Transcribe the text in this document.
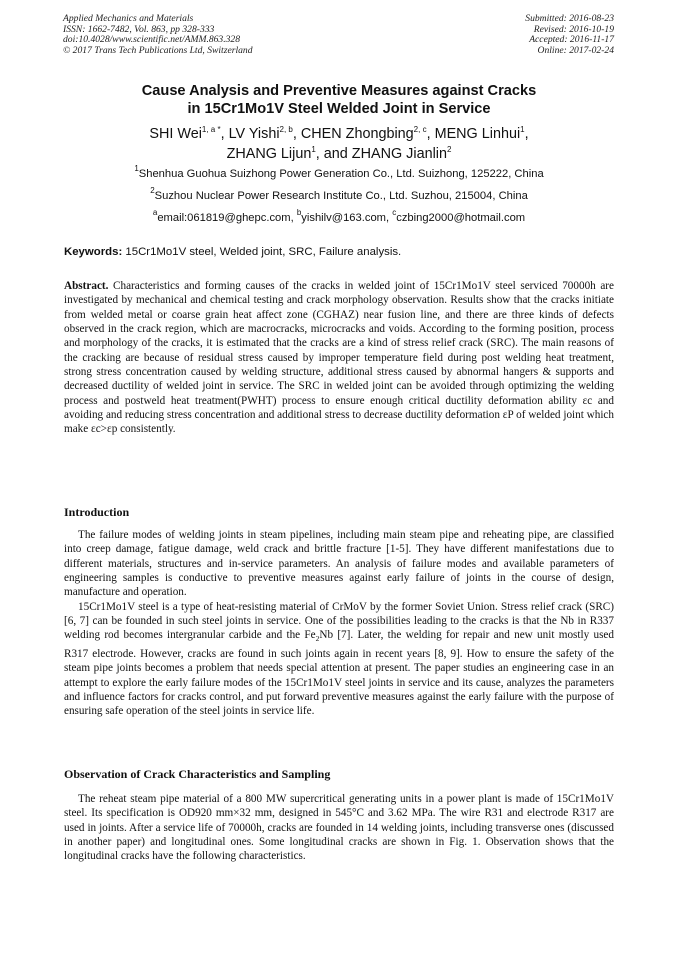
Applied Mechanics and Materials
ISSN: 1662-7482, Vol. 863, pp 328-333
doi:10.4028/www.scientific.net/AMM.863.328
© 2017 Trans Tech Publications Ltd, Switzerland
Submitted: 2016-08-23
Revised: 2016-10-19
Accepted: 2016-11-17
Online: 2017-02-24
Cause Analysis and Preventive Measures against Cracks
in 15Cr1Mo1V Steel Welded Joint in Service
SHI Wei$^{1, a *}$, LV Yishi$^{2, b}$, CHEN Zhongbing$^{2, c}$, MENG Linhui$^1$,
ZHANG Lijun$^1$, and ZHANG Jianlin$^2$
$^1$Shenhua Guohua Suizhong Power Generation Co., Ltd. Suizhong, 125222, China
$^2$Suzhou Nuclear Power Research Institute Co., Ltd. Suzhou, 215004, China
$^a$email:061819@ghepc.com, $^b$yishilv@163.com, $^c$czbing2000@hotmail.com
Keywords: 15Cr1Mo1V steel, Welded joint, SRC, Failure analysis.

Abstract. Characteristics and forming causes of the cracks in welded joint of 15Cr1Mo1V steel serviced 70000h are investigated by mechanical and chemical testing and crack morphology observation. Results show that the cracks initiate from welded metal or coarse grain heat affect zone (CGHAZ) near fusion line, and there are three kinds of defects observed in the crack region, which are macrocracks, microcracks and voids. According to the forming position, process and morphology of the cracks, it is estimated that the cracks are a kind of stress relief crack (SRC). The main reasons of the cracking are because of residual stress caused by improper temperature field during post welding heat treatment, strong stress concentration caused by welding structure, additional stress caused by abnormal hangers & supports and decreased ductility of welded joint in service. The SRC in welded joint can be avoided through optimizing the welding process and postweld heat treatment(PWHT) process to ensure enough critical ductility deformation ability εc and avoiding and reducing stress concentration and additional stress to decrease ductility deformation εP of welded joint which make εc>εp consistently.

Introduction

The failure modes of welding joints in steam pipelines, including main steam pipe and reheating pipe, are classified into creep damage, fatigue damage, weld crack and brittle fracture [1-5]. They have different manifestations due to different materials, structures and in-service parameters. An analysis of failure modes and available parameters of engineering samples is conductive to preventive measures against early failure of joints in the course of design, manufacture and operation.

15Cr1Mo1V steel is a type of heat-resisting material of CrMoV by the former Soviet Union. Stress relief crack (SRC) [6, 7] can be founded in such steel joints in service. One of the possibilities leading to the cracks is that the Nb in R337 welding rod becomes intergranular carbide and the $Fe_2Nb$ [7]. Later, the welding for repair and new unit mostly used R317 electrode. However, cracks are found in such joints again in recent years [8, 9]. How to ensure the safety of the steam pipe joints becomes a problem that needs special attention at present. The paper studies an engineering case in an attempt to explore the early failure modes of the 15Cr1Mo1V steel joints in service and its cause, analyzes the parameters and influence factors for cracks control, and put forward preventive measures against the early failure with the purpose of ensuring safe operation of the steel joints in service life.

Observation of Crack Characteristics and Sampling

The reheat steam pipe material of a 800 MW supercritical generating units in a power plant is made of 15Cr1Mo1V steel. Its specification is OD920 mm×32 mm, designed in 545°C and 3.62 MPa. The wire R31 and electrode R317 are used in joints. After a service life of 70000h, cracks are founded in 14 welding joints, including transverse ones (discussed in another paper) and longitudinal ones. Some longitudinal cracks are shown in Fig. 1. Observation shows that the longitudinal cracks have the following characteristics.
